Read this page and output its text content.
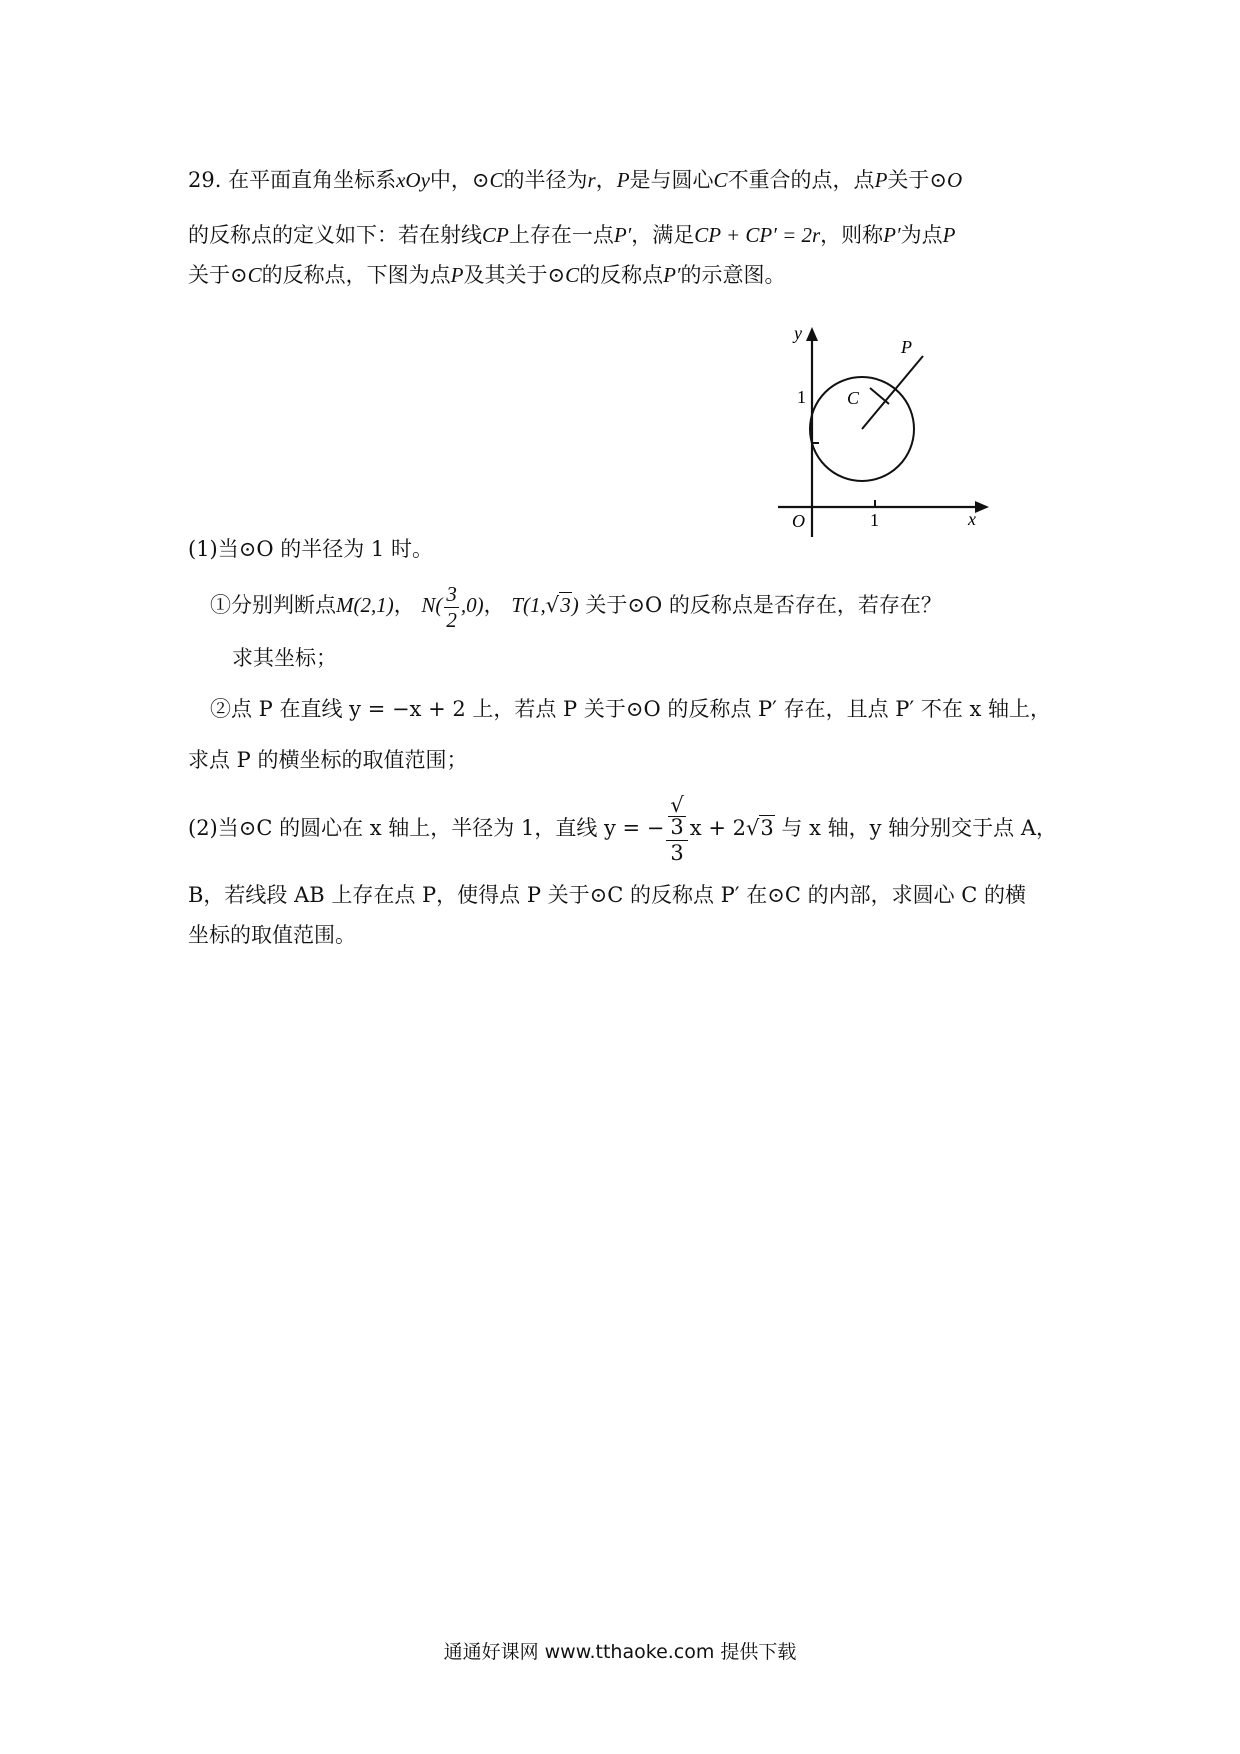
29. 在平面直角坐标系xOy中，⊙C的半径为r，P是与圆心C不重合的点，点P关于⊙O
的反称点的定义如下：若在射线CP上存在一点P′，满足CP + CP′ = 2r，则称P′为点P
关于⊙C的反称点，下图为点P及其关于⊙C的反称点P′的示意图。
y
x
O	1
1 C
P
(1)当⊙O 的半径为 1 时。
①分别判断点M(2,1)， $N( \frac{3}{2} ,0)$， T(1,√3) 关于⊙O 的反称点是否存在，若存在？
求其坐标；
②点 P 在直线 y = −x + 2 上，若点 P 关于⊙O 的反称点 P′ 存在，且点 P′ 不在 x 轴上，
求点 P 的横坐标的取值范围；
(2)当⊙C 的圆心在 x 轴上，半径为 1，直线 y = − √
3
3 x + 2√3 与 x 轴，y 轴分别交于点 A，
B，若线段 AB 上存在点 P，使得点 P 关于⊙C 的反称点 P′ 在⊙C 的内部，求圆心 C 的横
坐标的取值范围。
通通好课网 www.tthaoke.com 提供下载
